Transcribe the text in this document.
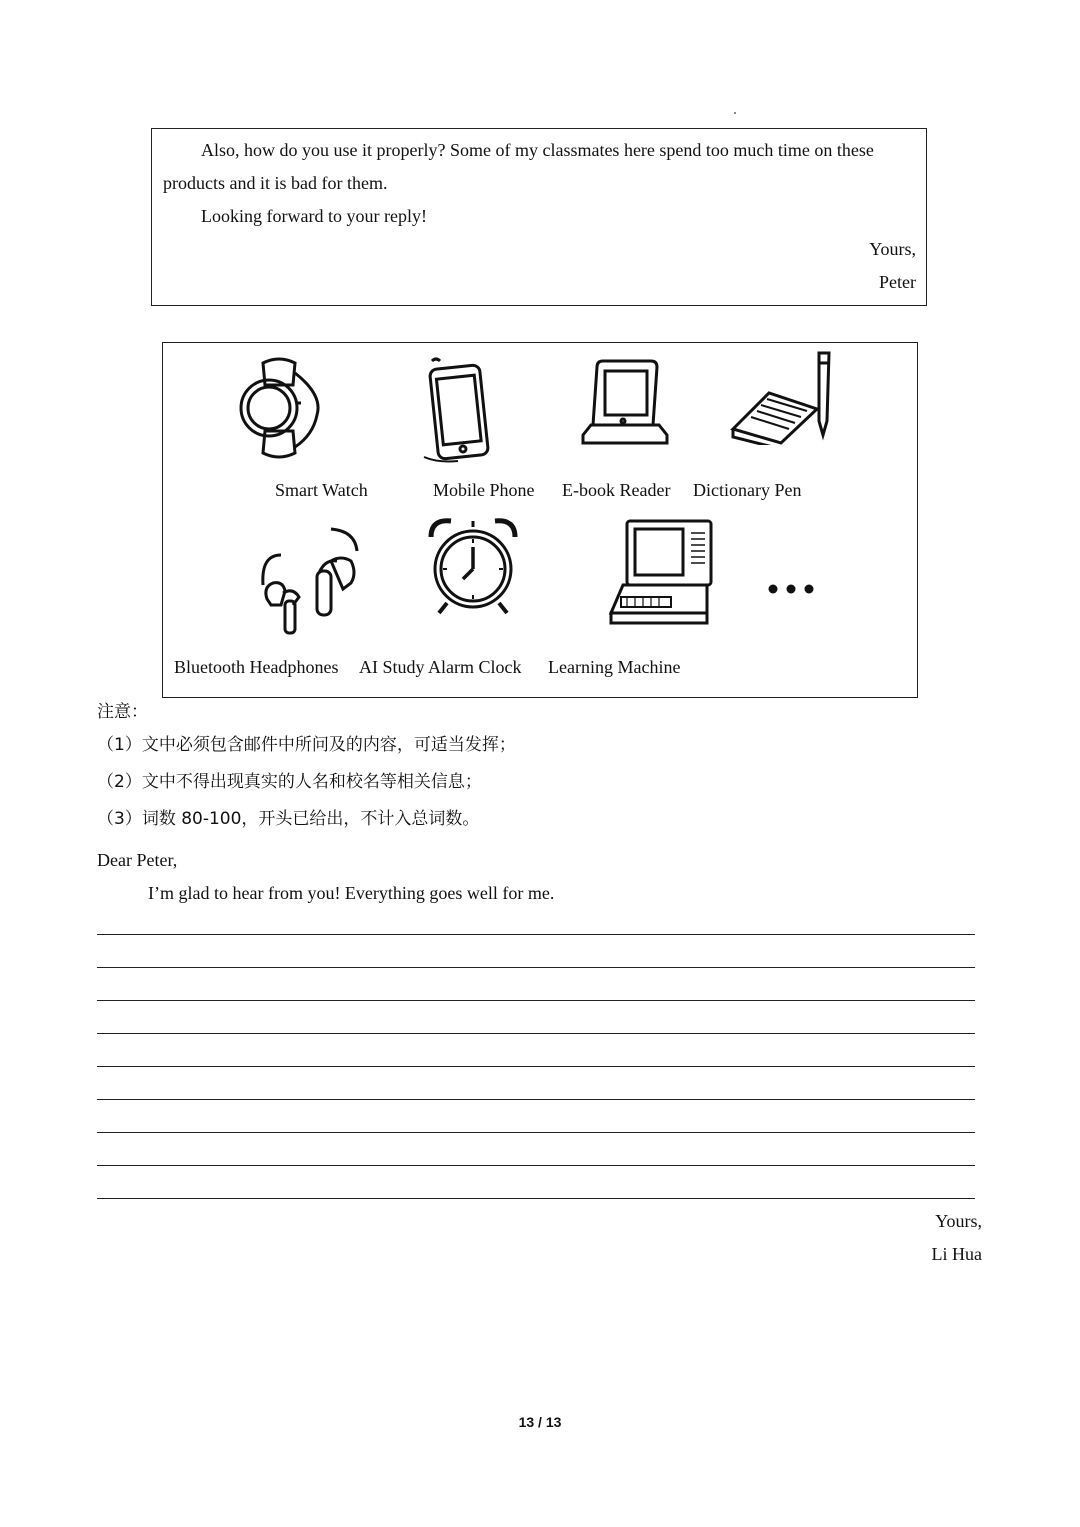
Also, how do you use it properly? Some of my classmates here spend too much time on these
products and it is bad for them.
Looking forward to your reply!
Yours,
Peter
Smart Watch	Mobile Phone E-book Reader Dictionary Pen
Bluetooth Headphones AI Study Alarm Clock Learning Machine
注意：
（1）文中必须包含邮件中所问及的内容，可适当发挥；
（2）文中不得出现真实的人名和校名等相关信息；
（3）词数 80-100，开头已给出，不计入总词数。
Dear Peter,
I’m glad to hear from you! Everything goes well for me.
Yours,
Li Hua
13 / 13
